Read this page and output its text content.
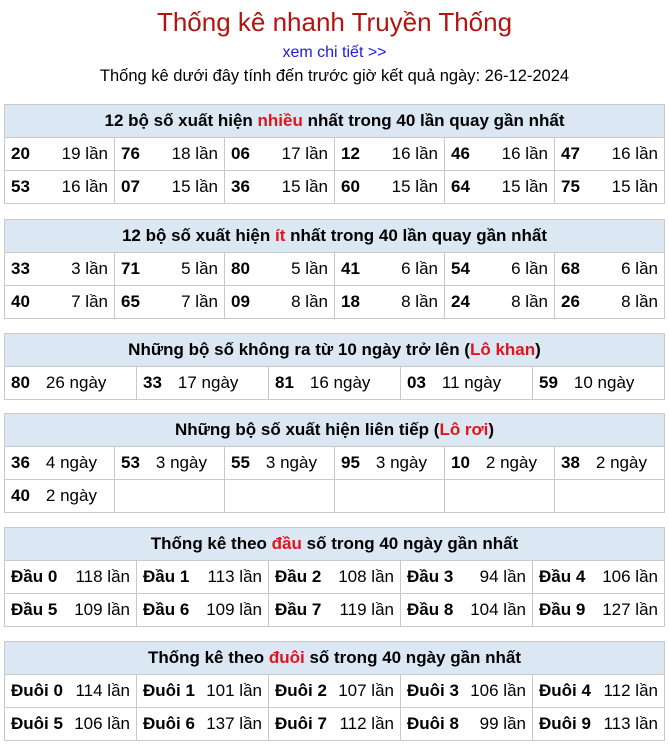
Thống kê nhanh Truyền Thống
xem chi tiết >>
Thống kê dưới đây tính đến trước giờ kết quả ngày: 26-12-2024
12 bộ số xuất hiện nhiều nhất trong 40 lần quay gần nhất					
20 19 lần	76 18 lần	06 17 lần	12 16 lần	46 16 lần	47 16 lần

53 16 lần	07 15 lần	36 15 lần	60 15 lần	64 15 lần	75 15 lần
12 bộ số xuất hiện ít nhất trong 40 lần quay gần nhất					
33 3 lần	71 5 lần	80 5 lần	41 6 lần	54 6 lần	68 6 lần

40 7 lần	65 7 lần	09 8 lần	18 8 lần	24 8 lần	26 8 lần
Những bộ số không ra từ 10 ngày trở lên (Lô khan)
80 26 ngày	33 17 ngày	81 16 ngày	03 11 ngày	59 10 ngày
Những bộ số xuất hiện liên tiếp (Lô rơi)					
36 4 ngày	53 3 ngày	55 3 ngày	95 3 ngày	10 2 ngày	38 2 ngày
40 2 ngày					
Thống kê theo đầu số trong 40 ngày gần nhất				
Đầu 0 118 lần	Đầu 1 113 lần	Đầu 2 108 lần	Đầu 3 94 lần	Đầu 4 106 lần

Đầu 5 109 lần	Đầu 6 109 lần	Đầu 7 119 lần	Đầu 8 104 lần	Đầu 9 127 lần
Thống kê theo đuôi số trong 40 ngày gần nhất				
Đuôi 0 114 lần	Đuôi 1 101 lần	Đuôi 2 107 lần	Đuôi 3 106 lần	Đuôi 4 112 lần

Đuôi 5 106 lần	Đuôi 6 137 lần	Đuôi 7 112 lần	Đuôi 8 99 lần	Đuôi 9 113 lần
